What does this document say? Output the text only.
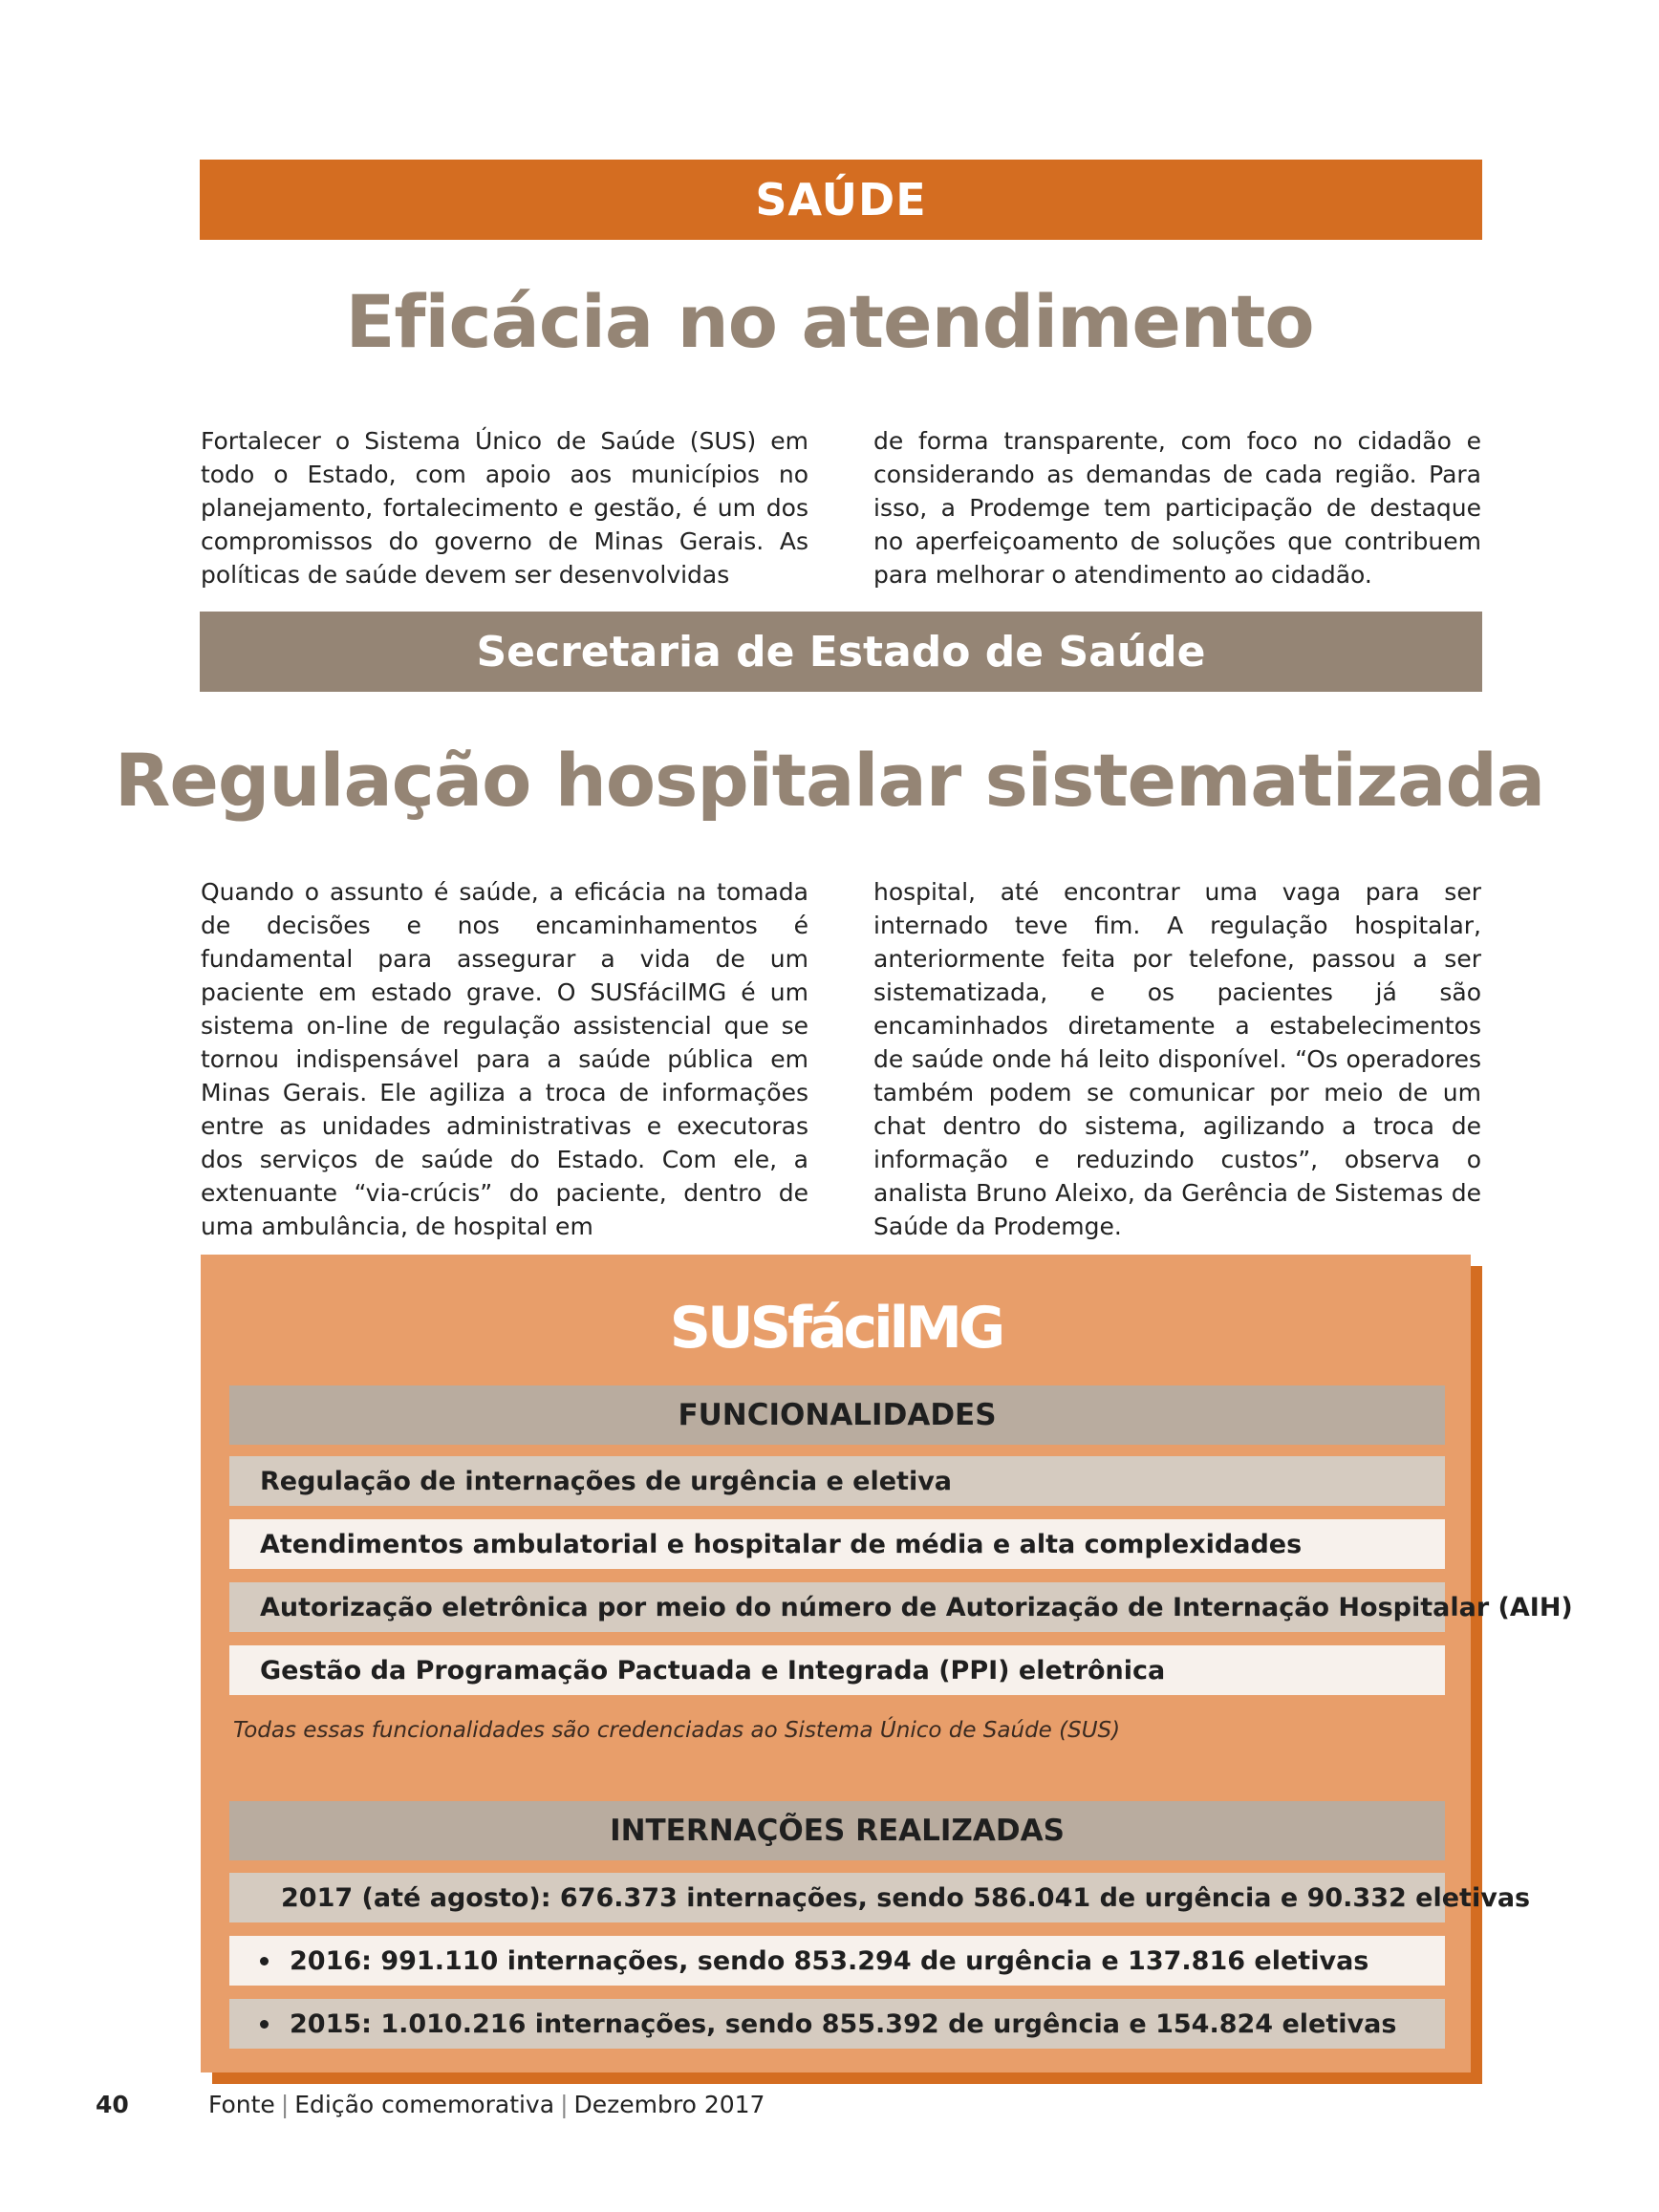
SAÚDE
Eficácia no atendimento
Fortalecer o Sistema Único de Saúde (SUS) em todo o Estado, com apoio aos municípios no planejamento, fortalecimento e gestão, é um dos compromissos do governo de Minas Gerais. As políticas de saúde devem ser desenvolvidas
de forma transparente, com foco no cidadão e considerando as demandas de cada região. Para isso, a Prodemge tem participação de destaque no aperfeiçoamento de soluções que contribuem para melhorar o atendimento ao cidadão.
Secretaria de Estado de Saúde
Regulação hospitalar sistematizada
Quando o assunto é saúde, a eficácia na tomada de decisões e nos encaminhamentos é fundamental para assegurar a vida de um paciente em estado grave. O SUSfácilMG é um sistema on-line de regulação assistencial que se tornou indispensável para a saúde pública em Minas Gerais. Ele agiliza a troca de informações entre as unidades administrativas e executoras dos serviços de saúde do Estado. Com ele, a extenuante “via-crúcis” do paciente, dentro de uma ambulância, de hospital em
hospital, até encontrar uma vaga para ser internado teve fim. A regulação hospitalar, anteriormente feita por telefone, passou a ser sistematizada, e os pacientes já são encaminhados diretamente a estabelecimentos de saúde onde há leito disponível. “Os operadores também podem se comunicar por meio de um chat dentro do sistema, agilizando a troca de informação e reduzindo custos”, observa o analista Bruno Aleixo, da Gerência de Sistemas de Saúde da Prodemge.
SUSfácilMG
FUNCIONALIDADES
Regulação de internações de urgência e eletiva
Atendimentos ambulatorial e hospitalar de média e alta complexidades
Autorização eletrônica por meio do número de Autorização de Internação Hospitalar (AIH)
Gestão da Programação Pactuada e Integrada (PPI) eletrônica
Todas essas funcionalidades são credenciadas ao Sistema Único de Saúde (SUS)
INTERNAÇÕES REALIZADAS
2017 (até agosto): 676.373 internações, sendo 586.041 de urgência e 90.332 eletivas
2016: 991.110 internações, sendo 853.294 de urgência e 137.816 eletivas
2015: 1.010.216 internações, sendo 855.392 de urgência e 154.824 eletivas
40	Fonte | Edição comemorativa | Dezembro 2017
